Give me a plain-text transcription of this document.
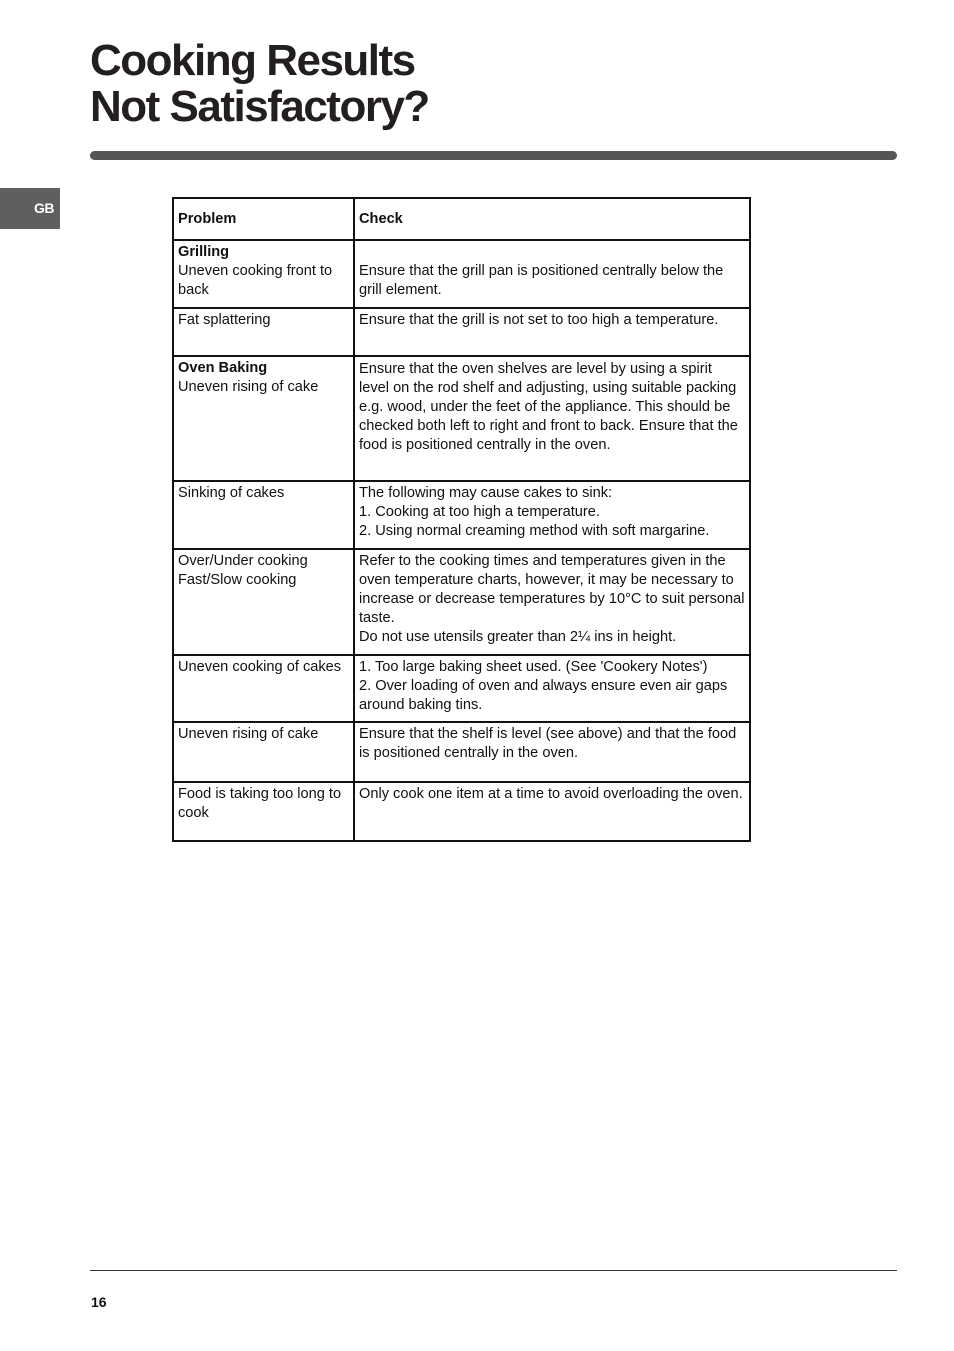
Cooking Results
Not Satisfactory?
GB
Problem	Check

Grilling
Uneven cooking front to back	Ensure that the grill pan is positioned centrally below the grill element.

Fat splattering	Ensure that the grill is not set to too high a temperature.

Oven Baking
Uneven rising of cake	Ensure that the oven shelves are level by using a spirit level on the rod shelf and adjusting, using suitable packing e.g. wood, under the feet of the appliance. This should be checked both left to right and front to back. Ensure that the food is positioned centrally in the oven.

Sinking of cakes	The following may cause cakes to sink:
1. Cooking at too high a temperature.
2. Using normal creaming method with soft margarine.

Over/Under cooking Fast/Slow cooking	Refer to the cooking times and temperatures given in the oven temperature charts, however, it may be necessary to increase or decrease temperatures by 10°C to suit personal taste.
Do not use utensils greater than 2¼ ins in height.

Uneven cooking of cakes	1. Too large baking sheet used. (See 'Cookery Notes')
2. Over loading of oven and always ensure even air gaps around baking tins.

Uneven rising of cake	Ensure that the shelf is level (see above) and that the food is positioned centrally in the oven.

Food is taking too long to cook	Only cook one item at a time to avoid overloading the oven.
16
